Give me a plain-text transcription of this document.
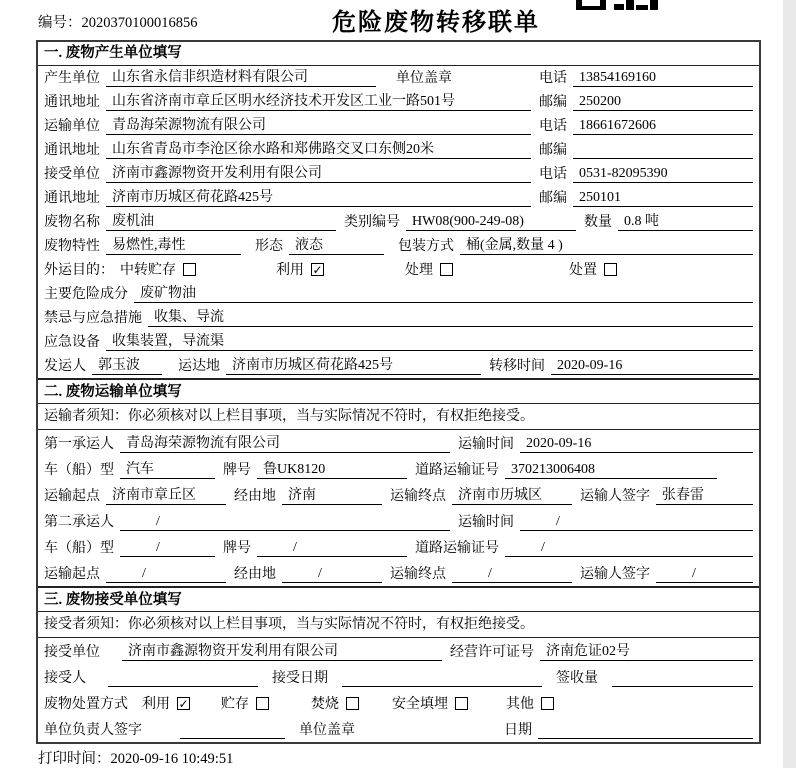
编号：2020370100016856	危险废物转移联单
一. 废物产生单位填写
产生单位 山东省永信非织造材料有限公司	单位盖章	电话 13854169160
通讯地址 山东省济南市章丘区明水经济技术开发区工业一路501号	邮编 250200
运输单位 青岛海荣源物流有限公司	电话 18661672606
通讯地址 山东省青岛市李沧区徐水路和郑佛路交叉口东侧20米	邮编
接受单位 济南市鑫源物资开发利用有限公司	电话 0531-82095390
通讯地址 济南市历城区荷花路425号	邮编 250101
废物名称 废机油	类别编号 HW08(900-249-08)	数量 0.8 吨
废物特性 易燃性,毒性	形态 液态	包装方式 桶(金属,数量 4 )
外运目的： 中转贮存	利用 ✓	处理	处置
主要危险成分 废矿物油
禁忌与应急措施 收集、导流
应急设备 收集装置，导流渠
发运人 郭玉波	运达地 济南市历城区荷花路425号	转移时间 2020-09-16
二. 废物运输单位填写
运输者须知：你必须核对以上栏目事项，当与实际情况不符时，有权拒绝接受。
第一承运人 青岛海荣源物流有限公司	运输时间 2020-09-16
车（船）型 汽车	牌号 鲁UK8120	道路运输证号 370213006408
运输起点 济南市章丘区	经由地 济南	运输终点 济南市历城区	运输人签字 张春雷
第二承运人	/	运输时间	/
车（船）型	/	牌号	/	道路运输证号	/
运输起点	/	经由地	/	运输终点	/	运输人签字	/
三. 废物接受单位填写
接受者须知：你必须核对以上栏目事项，当与实际情况不符时，有权拒绝接受。
接受单位	济南市鑫源物资开发利用有限公司	经营许可证号 济南危证02号
接受人	接受日期	签收量
废物处置方式 利用 ✓ 贮存	焚烧	安全填埋	其他
单位负责人签字	单位盖章	日期
打印时间：2020-09-16 10:49:51
